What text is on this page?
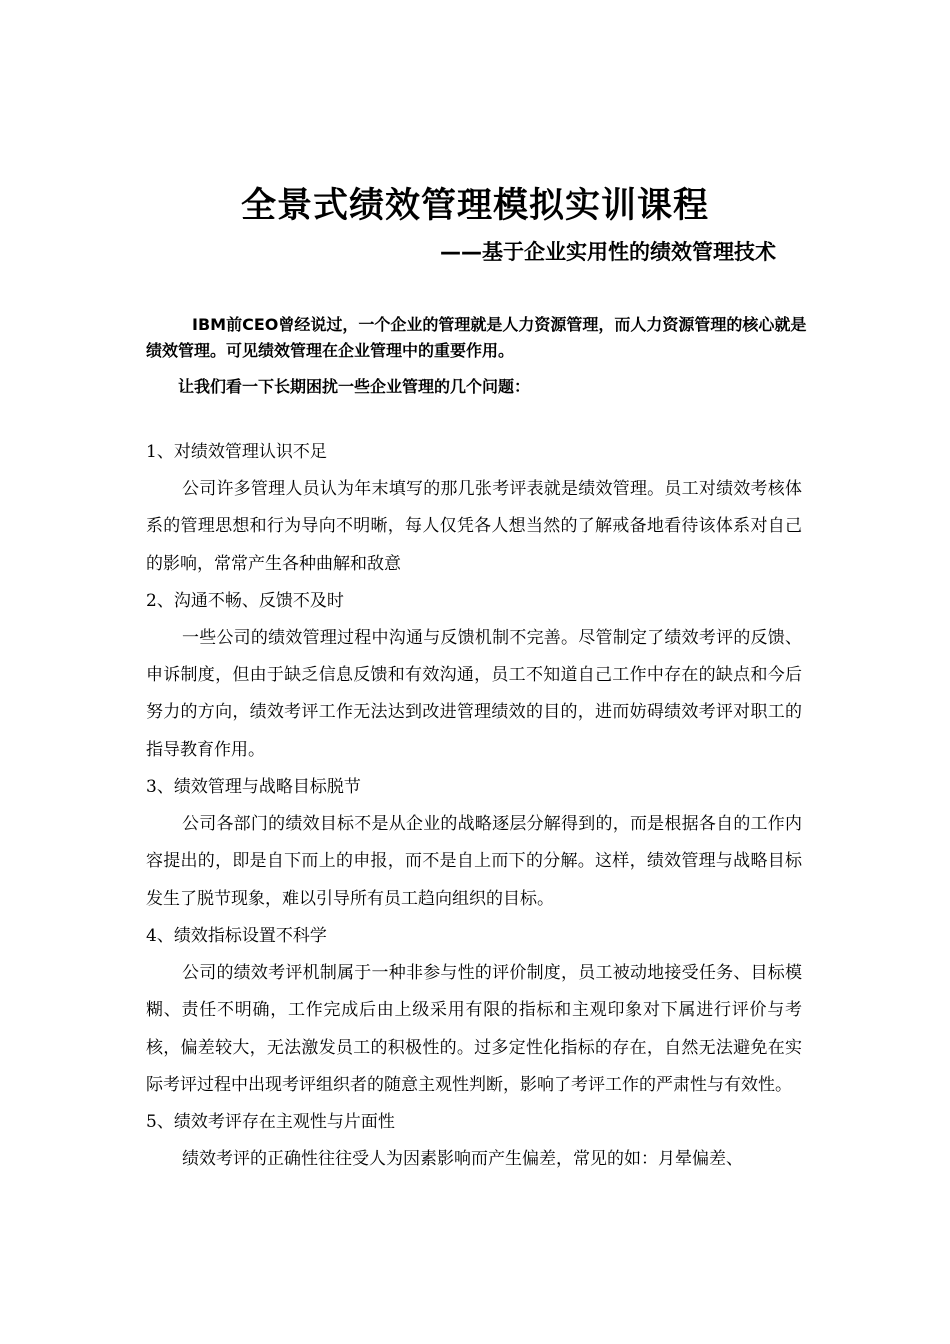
全景式绩效管理模拟实训课程
——基于企业实用性的绩效管理技术
IBM前CEO曾经说过，一个企业的管理就是人力资源管理，而人力资源管理的核心就是绩效管理。可见绩效管理在企业管理中的重要作用。
让我们看一下长期困扰一些企业管理的几个问题：
1、对绩效管理认识不足
公司许多管理人员认为年末填写的那几张考评表就是绩效管理。员工对绩效考核体系的管理思想和行为导向不明晰，每人仅凭各人想当然的了解戒备地看待该体系对自己的影响，常常产生各种曲解和敌意
2、沟通不畅、反馈不及时
一些公司的绩效管理过程中沟通与反馈机制不完善。尽管制定了绩效考评的反馈、申诉制度，但由于缺乏信息反馈和有效沟通，员工不知道自己工作中存在的缺点和今后努力的方向，绩效考评工作无法达到改进管理绩效的目的，进而妨碍绩效考评对职工的指导教育作用。
3、绩效管理与战略目标脱节
公司各部门的绩效目标不是从企业的战略逐层分解得到的，而是根据各自的工作内容提出的，即是自下而上的申报，而不是自上而下的分解。这样，绩效管理与战略目标发生了脱节现象，难以引导所有员工趋向组织的目标。
4、绩效指标设置不科学
公司的绩效考评机制属于一种非参与性的评价制度，员工被动地接受任务、目标模糊、责任不明确，工作完成后由上级采用有限的指标和主观印象对下属进行评价与考核，偏差较大，无法激发员工的积极性的。过多定性化指标的存在，自然无法避免在实际考评过程中出现考评组织者的随意主观性判断，影响了考评工作的严肃性与有效性。
5、绩效考评存在主观性与片面性
绩效考评的正确性往往受人为因素影响而产生偏差，常见的如：月晕偏差、
